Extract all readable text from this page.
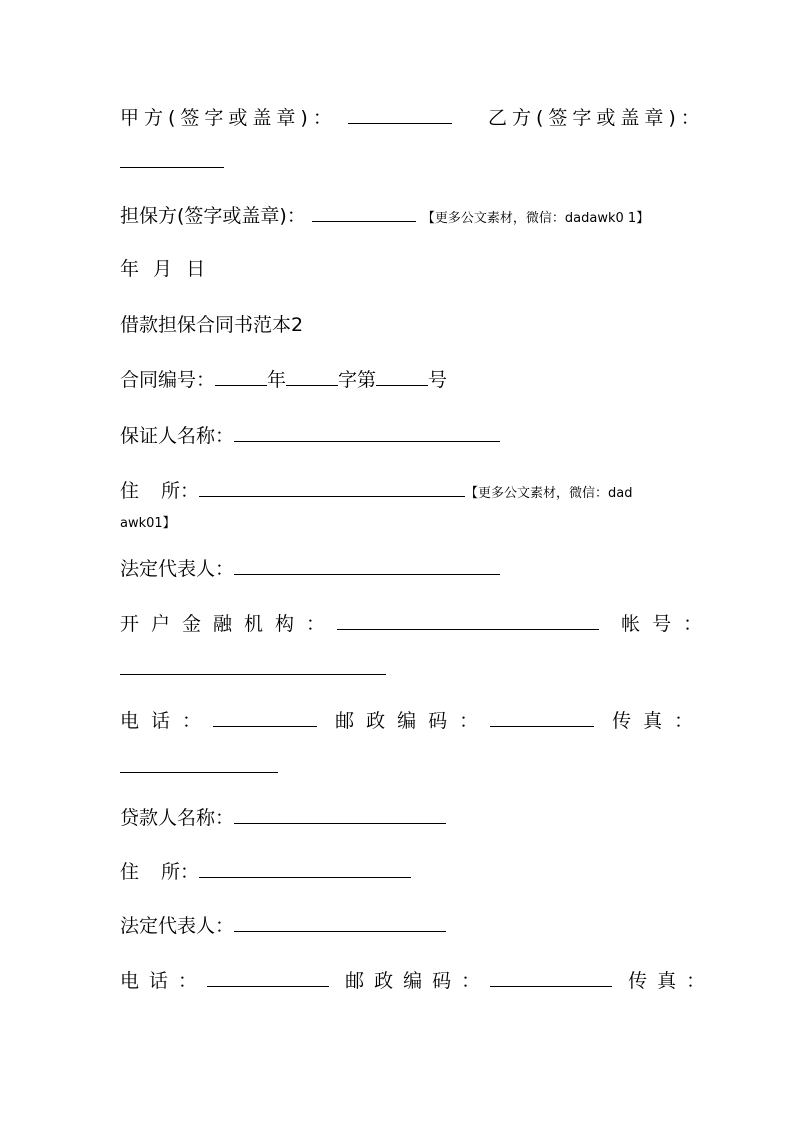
甲方(签字或盖章)：	乙方(签字或盖章)：
担保方(签字或盖章)：	【更多公文素材，微信：dadawk0 1】
年 月 日
借款担保合同书范本2
合同编号：	年	字第	号
保证人名称：
住 所：	【更多公文素材，微信：dad
awk01】
法定代表人：
开户金融机构：	帐号：
电话：	邮政编码：	传真：
贷款人名称：
住 所：
法定代表人：
电话：	邮政编码：	传真：
